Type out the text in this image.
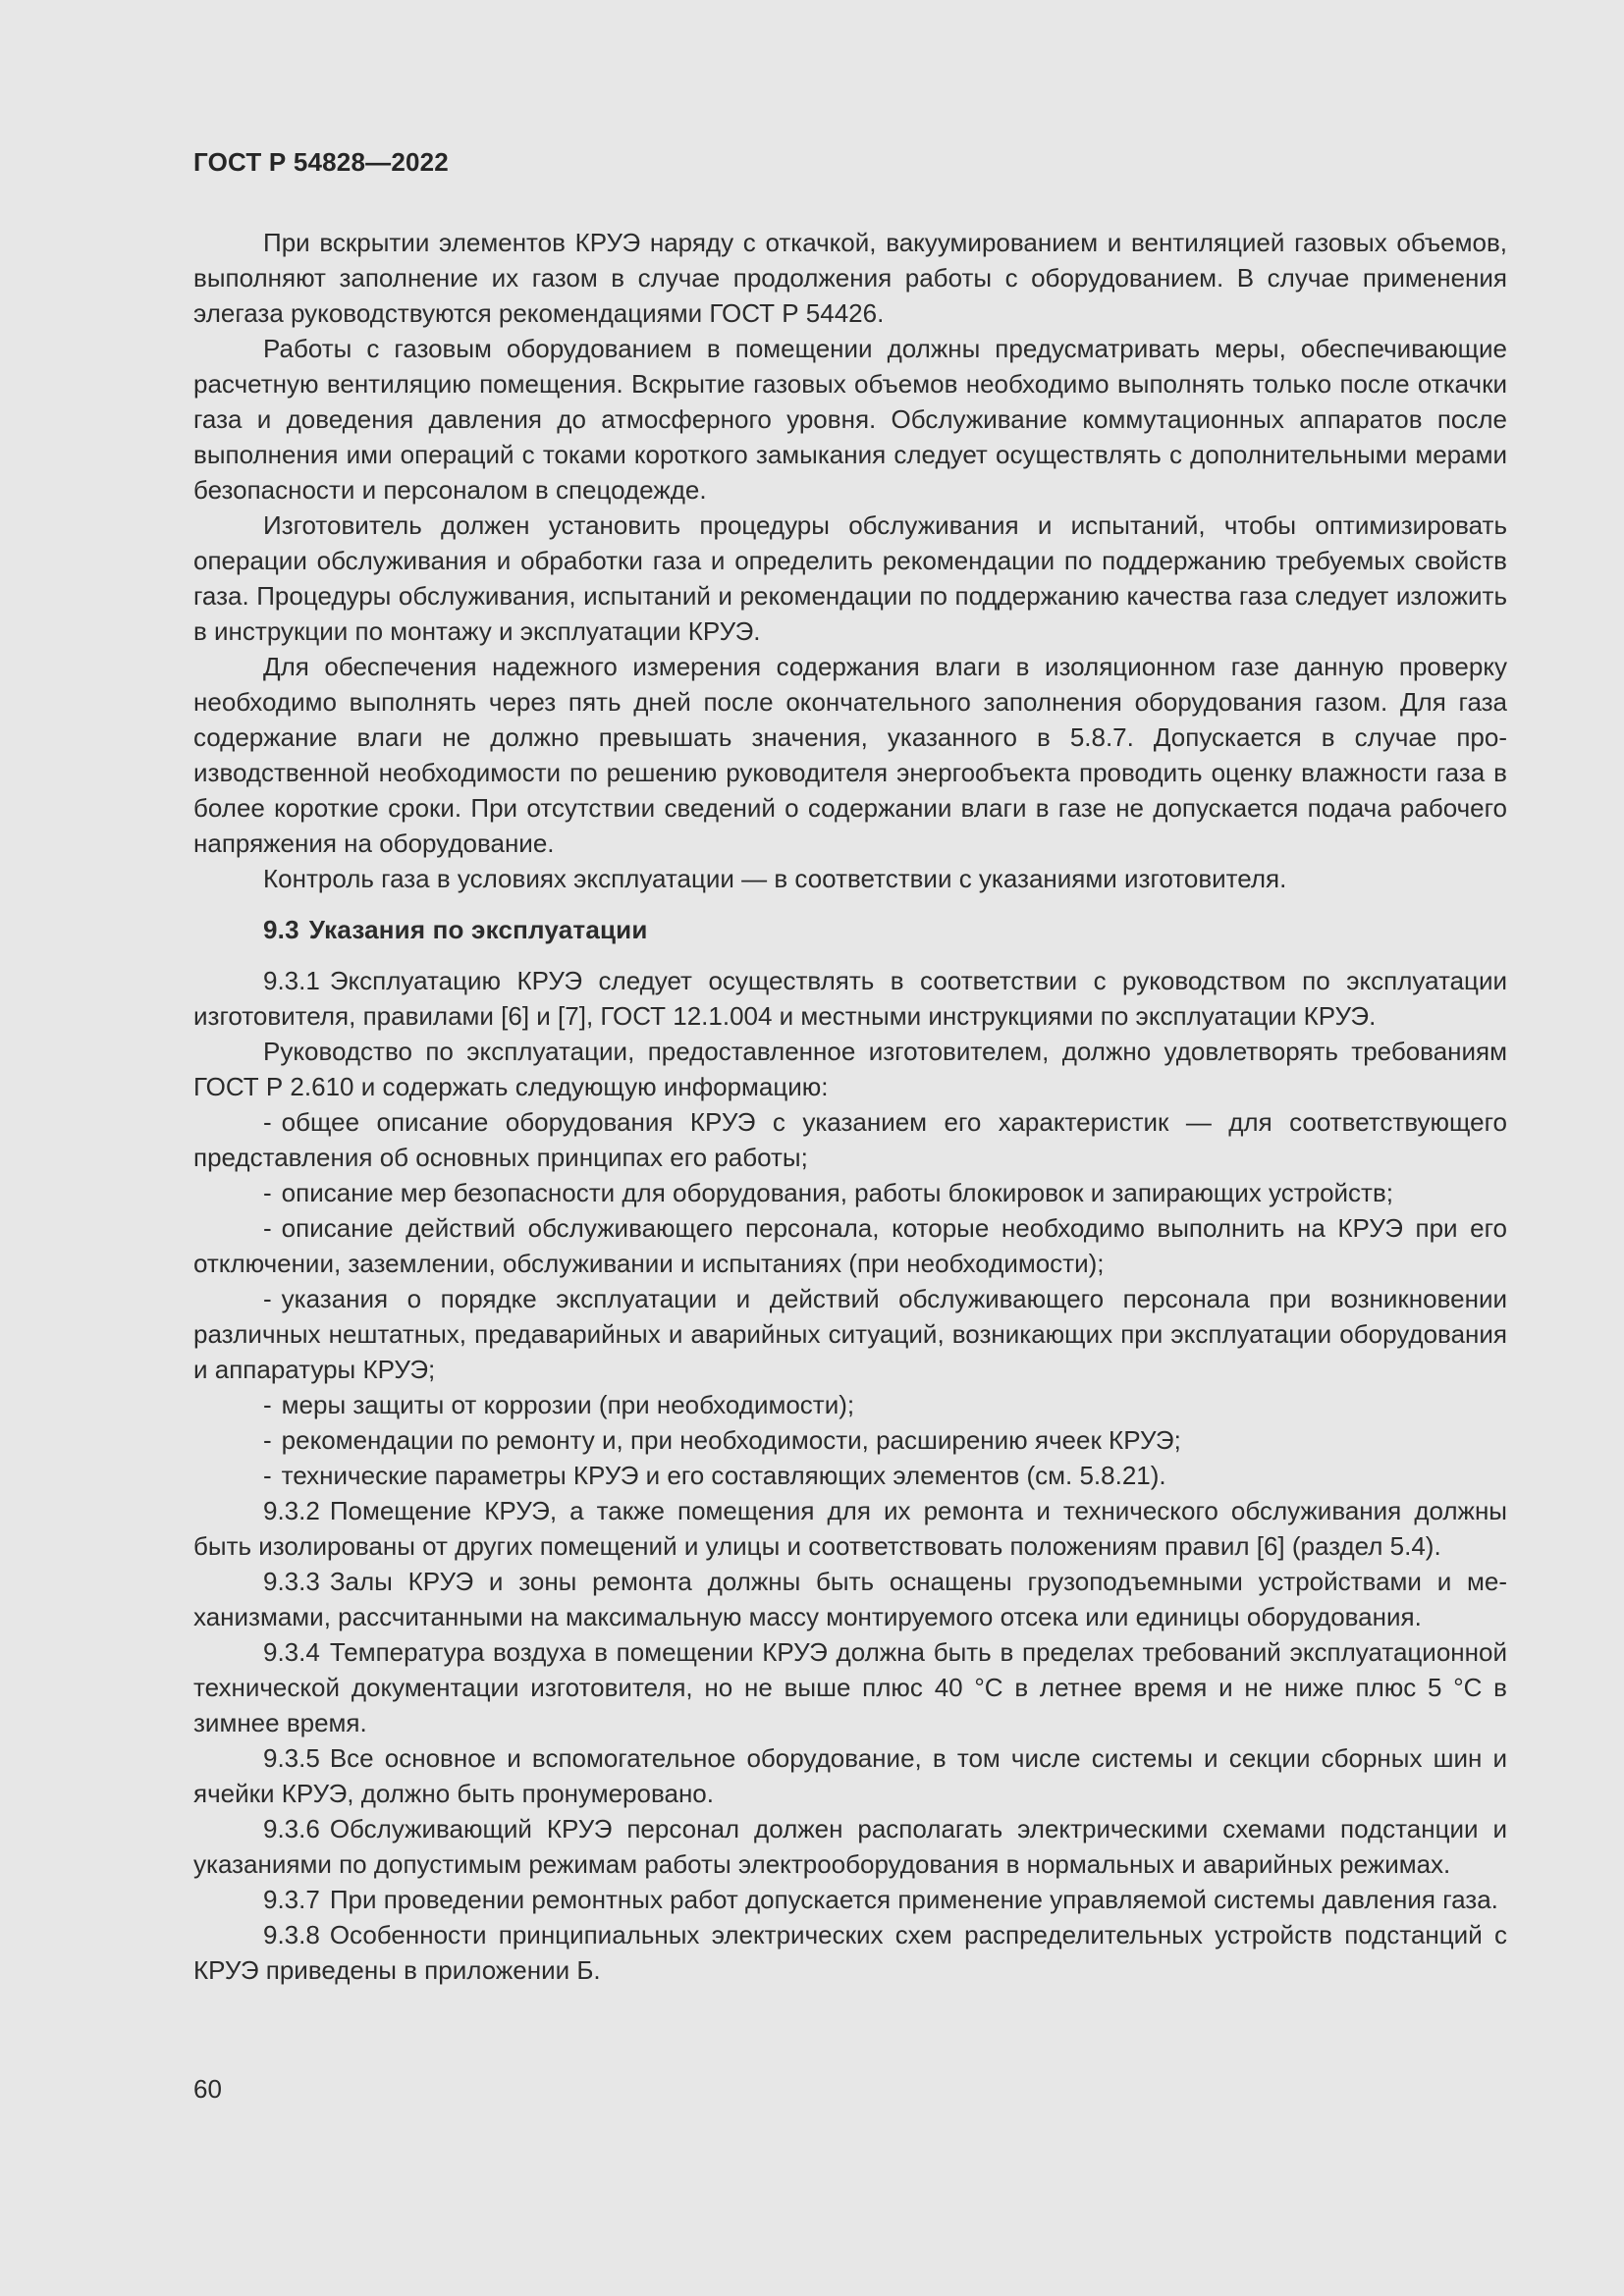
ГОСТ Р 54828—2022

При вскрытии элементов КРУЭ наряду с откачкой, вакуумированием и вентиляцией газовых объемов, выполняют заполнение их газом в случае продолжения работы с оборудованием. В случае применения элегаза руководствуются рекомендациями ГОСТ Р 54426.

Работы с газовым оборудованием в помещении должны предусматривать меры, обеспечивающие расчетную вентиляцию помещения. Вскрытие газовых объемов необходимо выполнять только после откачки газа и доведения давления до атмосферного уровня. Обслуживание коммутационных аппаратов после выполнения ими операций с токами короткого замыкания следует осуществлять с дополнительными мерами безопасности и персоналом в спецодежде.

Изготовитель должен установить процедуры обслуживания и испытаний, чтобы оптимизировать операции обслуживания и обработки газа и определить рекомендации по поддержанию требуемых свойств газа. Процедуры обслуживания, испытаний и рекомендации по поддержанию качества газа следует изложить в инструкции по монтажу и эксплуатации КРУЭ.

Для обеспечения надежного измерения содержания влаги в изоляционном газе данную проверку необходимо выполнять через пять дней после окончательного заполнения оборудования газом. Для газа содержание влаги не должно превышать значения, указанного в 5.8.7. Допускается в случае производственной необходимости по решению руководителя энергообъекта проводить оценку влажности газа в более короткие сроки. При отсутствии сведений о содержании влаги в газе не допускается подача рабочего напряжения на оборудование.

Контроль газа в условиях эксплуатации — в соответствии с указаниями изготовителя.

9.3 Указания по эксплуатации

9.3.1 Эксплуатацию КРУЭ следует осуществлять в соответствии с руководством по эксплуатации изготовителя, правилами [6] и [7], ГОСТ 12.1.004 и местными инструкциями по эксплуатации КРУЭ.

Руководство по эксплуатации, предоставленное изготовителем, должно удовлетворять требованиям ГОСТ Р 2.610 и содержать следующую информацию:

- общее описание оборудования КРУЭ с указанием его характеристик — для соответствующего представления об основных принципах его работы;

- описание мер безопасности для оборудования, работы блокировок и запирающих устройств;

- описание действий обслуживающего персонала, которые необходимо выполнить на КРУЭ при его отключении, заземлении, обслуживании и испытаниях (при необходимости);

- указания о порядке эксплуатации и действий обслуживающего персонала при возникновении различных нештатных, предаварийных и аварийных ситуаций, возникающих при эксплуатации оборудования и аппаратуры КРУЭ;

- меры защиты от коррозии (при необходимости);

- рекомендации по ремонту и, при необходимости, расширению ячеек КРУЭ;

- технические параметры КРУЭ и его составляющих элементов (см. 5.8.21).

9.3.2 Помещение КРУЭ, а также помещения для их ремонта и технического обслуживания должны быть изолированы от других помещений и улицы и соответствовать положениям правил [6] (раздел 5.4).

9.3.3 Залы КРУЭ и зоны ремонта должны быть оснащены грузоподъемными устройствами и механизмами, рассчитанными на максимальную массу монтируемого отсека или единицы оборудования.

9.3.4 Температура воздуха в помещении КРУЭ должна быть в пределах требований эксплуатационной технической документации изготовителя, но не выше плюс 40 °С в летнее время и не ниже плюс 5 °С в зимнее время.

9.3.5 Все основное и вспомогательное оборудование, в том числе системы и секции сборных шин и ячейки КРУЭ, должно быть пронумеровано.

9.3.6 Обслуживающий КРУЭ персонал должен располагать электрическими схемами подстанции и указаниями по допустимым режимам работы электрооборудования в нормальных и аварийных режимах.

9.3.7 При проведении ремонтных работ допускается применение управляемой системы давления газа.

9.3.8 Особенности принципиальных электрических схем распределительных устройств подстанций с КРУЭ приведены в приложении Б.

60
